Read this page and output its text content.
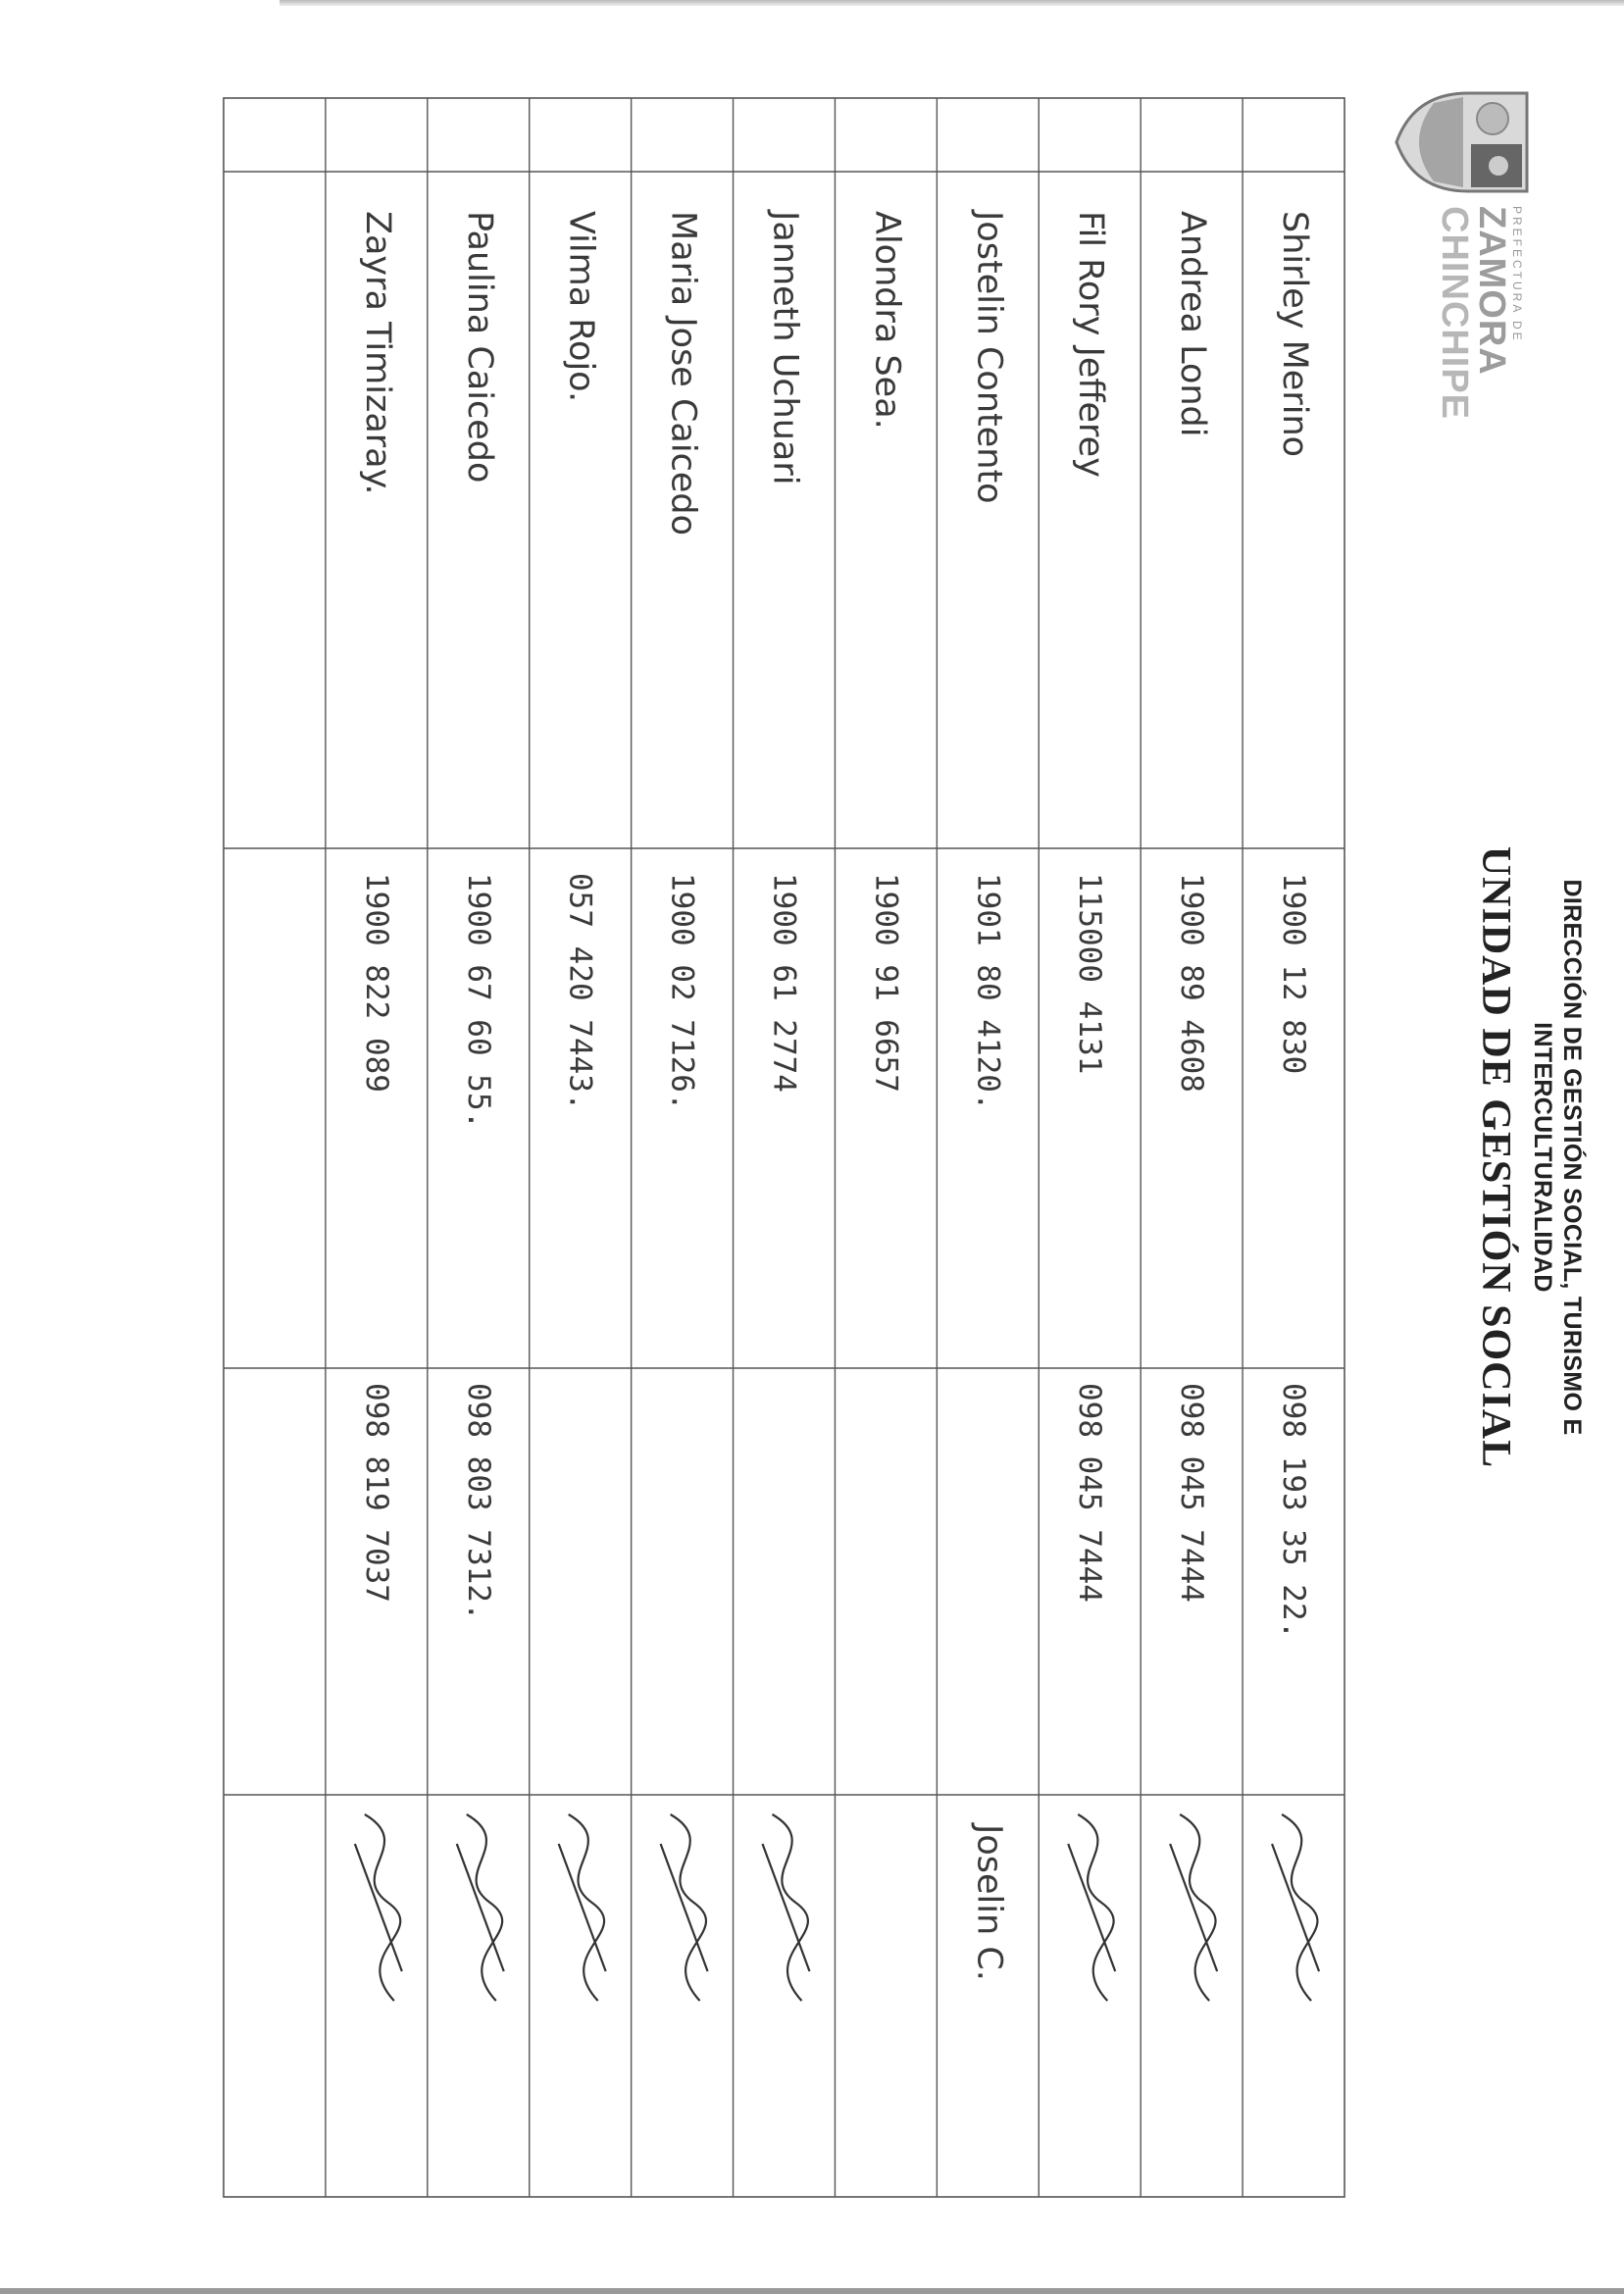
PREFECTURA DE
ZAMORA
CHINCHIPE
DIRECCIÓN DE GESTIÓN SOCIAL, TURISMO E
INTERCULTURALIDAD
UNIDAD DE GESTIÓN SOCIAL
Shirley Merino
1900 12 830
098 193 35 22.
Andrea Londi
1900 89 4608
098 045 7444
Fil Rory Jefferey
115000 4131
098 045 7444
Jostelin Contento
1901 80 4120.
Joselin C.
Alondra Sea.
1900 91 6657
Janneth Uchuari
1900 61 2774
Maria Jose Caicedo
1900 02 7126.
Vilma Rojo.
057 420 7443.
Paulina Caicedo
1900 67 60 55.
098 803 7312.
Zayra Timizaray.
1900 822 089
098 819 7037
